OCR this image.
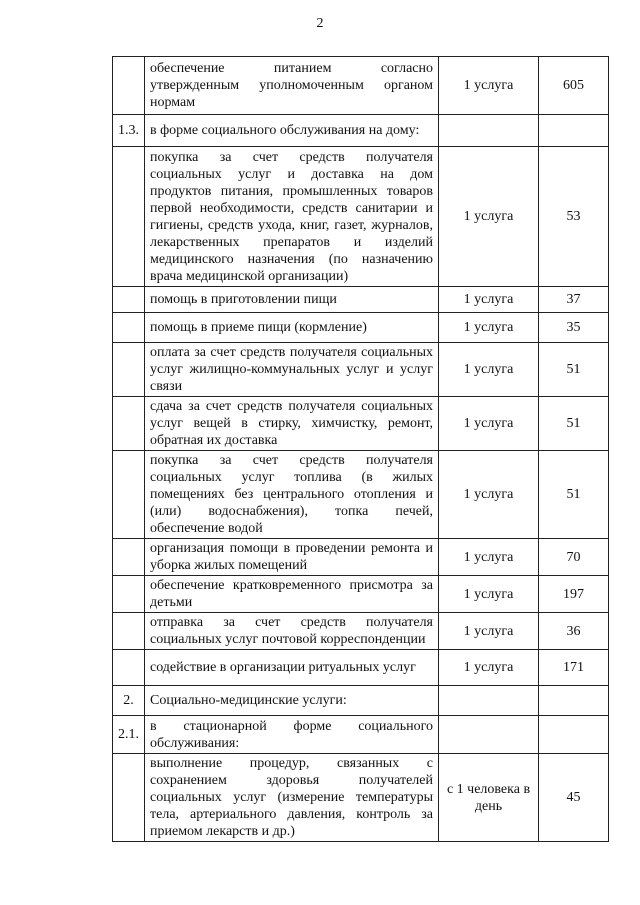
2
	обеспечение питанием согласно утвержденным уполномоченным органом нормам	1 услуга	605
1.3.	в форме социального обслуживания на дому:		
	покупка за счет средств получателя социальных услуг и доставка на дом продуктов питания, промышленных товаров первой необходимости, средств санитарии и гигиены, средств ухода, книг, газет, журналов, лекарственных препаратов и изделий медицинского назначения (по назначению врача медицинской организации)	1 услуга	53
	помощь в приготовлении пищи	1 услуга	37
	помощь в приеме пищи (кормление)	1 услуга	35
	оплата за счет средств получателя социальных услуг жилищно-коммунальных услуг и услуг связи	1 услуга	51
	сдача за счет средств получателя социальных услуг вещей в стирку, химчистку, ремонт, обратная их доставка	1 услуга	51
	покупка за счет средств получателя социальных услуг топлива (в жилых помещениях без центрального отопления и (или) водоснабжения), топка печей, обеспечение водой	1 услуга	51
	организация помощи в проведении ремонта и уборка жилых помещений	1 услуга	70
	обеспечение кратковременного присмотра за детьми	1 услуга	197
	отправка за счет средств получателя социальных услуг почтовой корреспонденции	1 услуга	36
	содействие в организации ритуальных услуг	1 услуга	171
2.	Социально-медицинские услуги:		
2.1.	в стационарной форме социального обслуживания:		
	выполнение процедур, связанных с сохранением здоровья получателей социальных услуг (измерение температуры тела, артериального давления, контроль за приемом лекарств и др.)	с 1 человека в день	45
